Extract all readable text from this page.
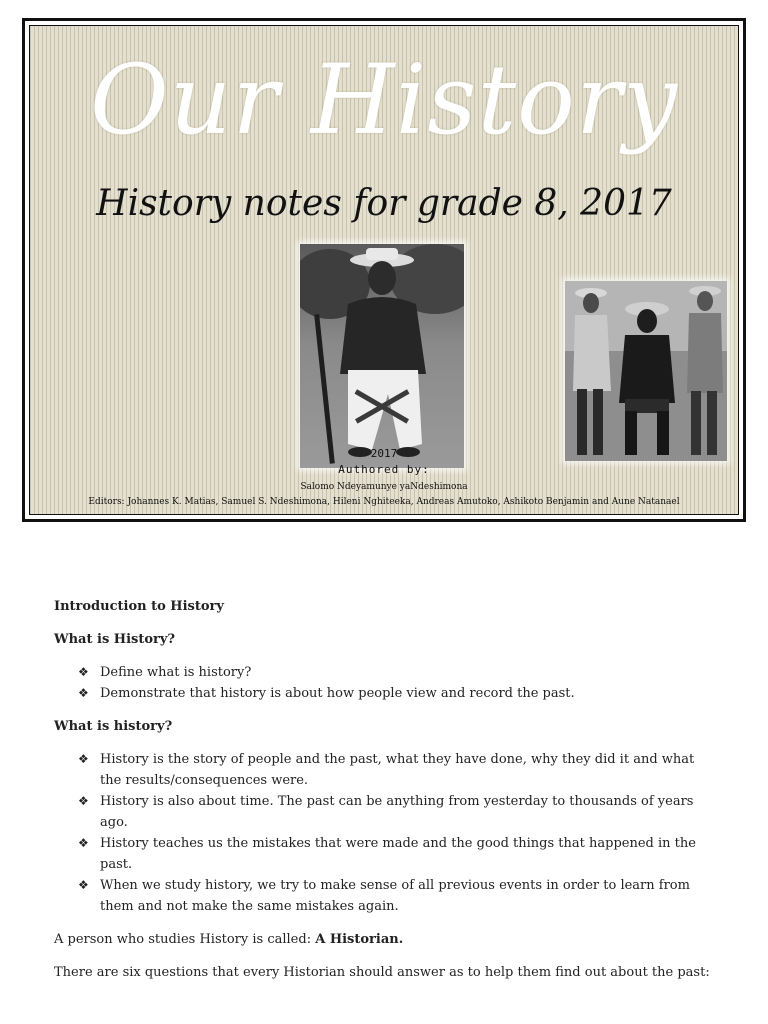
Our History
History notes for grade 8, 2017
2017
Authored by:
Salomo Ndeyamunye yaNdeshimona
Editors: Johannes K. Matias, Samuel S. Ndeshimona, Hileni Nghiteeka, Andreas Amutoko, Ashikoto Benjamin and Aune Natanael
Introduction to History
What is History?
❖ Define what is history?
❖ Demonstrate that history is about how people view and record the past.
What is history?
❖ History is the story of people and the past, what they have done, why they did it and what the results/consequences were.
❖ History is also about time. The past can be anything from yesterday to thousands of years ago.
❖ History teaches us the mistakes that were made and the good things that happened in the past.
❖ When we study history, we try to make sense of all previous events in order to learn from them and not make the same mistakes again.

A person who studies History is called: A Historian.

There are six questions that every Historian should answer as to help them find out about the past:
